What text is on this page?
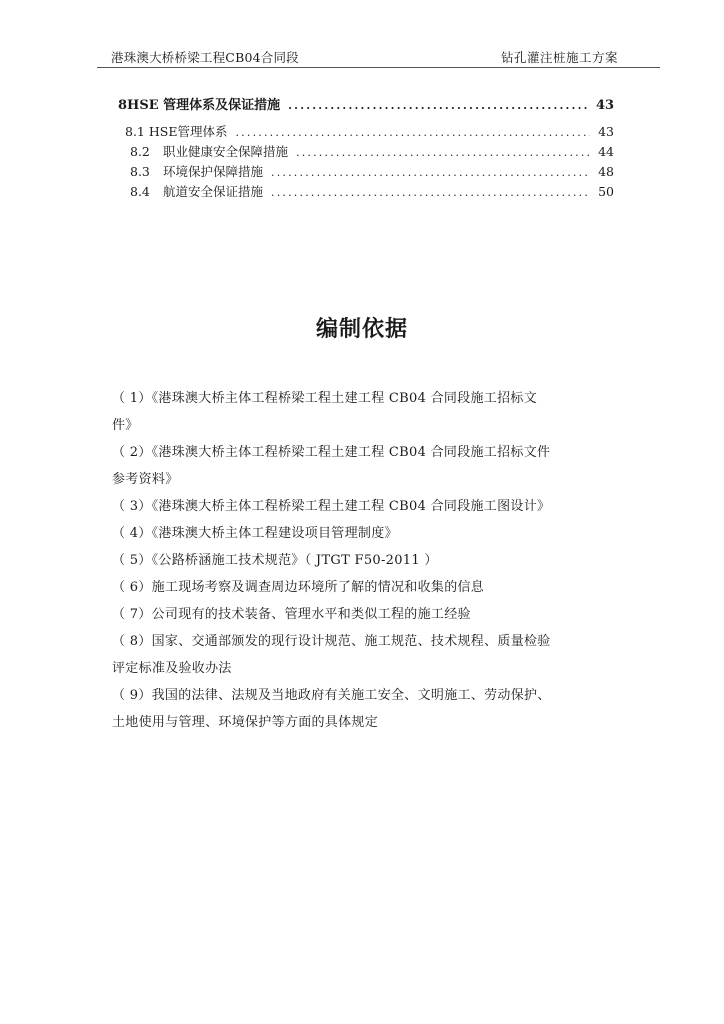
港珠澳大桥桥梁工程CB04合同段	钻孔灌注桩施工方案
8HSE 管理体系及保证措施 .....	43
8.1 HSE管理体系 .....	43
8.2	职业健康安全保障措施 .....	44
8.3	环境保护保障措施 .....	48
8.4	航道安全保证措施 .....	50
编制依据

（ 1）《港珠澳大桥主体工程桥梁工程土建工程 CB04 合同段施工招标文

件》

（ 2）《港珠澳大桥主体工程桥梁工程土建工程 CB04 合同段施工招标文件

参考资料》

（ 3）《港珠澳大桥主体工程桥梁工程土建工程 CB04 合同段施工图设计》

（ 4）《港珠澳大桥主体工程建设项目管理制度》

（ 5）《公路桥涵施工技术规范》（ JTGT F50-2011 ）

（ 6）施工现场考察及调查周边环境所了解的情况和收集的信息

（ 7）公司现有的技术装备、管理水平和类似工程的施工经验

（ 8）国家、交通部颁发的现行设计规范、施工规范、技术规程、质量检验

评定标准及验收办法

（ 9）我国的法律、法规及当地政府有关施工安全、文明施工、劳动保护、

土地使用与管理、环境保护等方面的具体规定
